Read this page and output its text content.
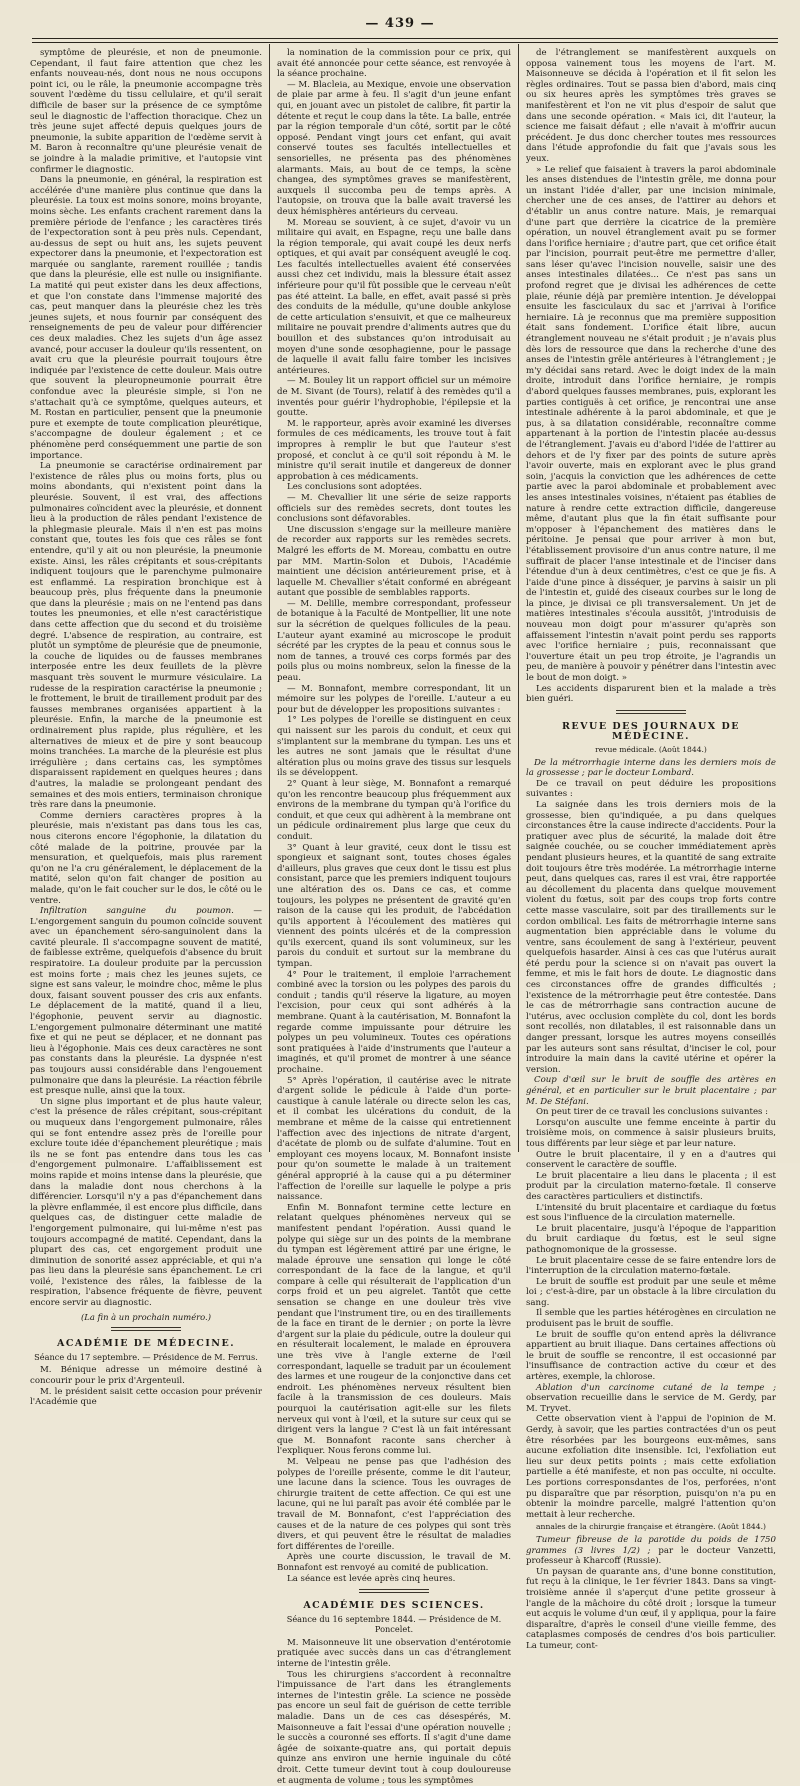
— 439 —

symptôme de pleurésie, et non de pneumonie. Cependant, il faut faire attention que chez les enfants nouveau-nés, dont nous ne nous occupons point ici, ou le râle, la pneumonie accompagne très souvent l'œdème du tissu cellulaire, et qu'il serait difficile de baser sur la présence de ce symptôme seul le diagnostic de l'affection thoracique. Chez un très jeune sujet affecté depuis quelques jours de pneumonie, la subite apparition de l'œdème servit à M. Baron à reconnaître qu'une pleurésie venait de se joindre à la maladie primitive, et l'autopsie vint confirmer le diagnostic.

Dans la pneumonie, en général, la respiration est accélérée d'une manière plus continue que dans la pleurésie. La toux est moins sonore, moins broyante, moins sèche. Les enfants crachent rarement dans la première période de l'enfance ; les caractères tirés de l'expectoration sont à peu près nuls. Cependant, au-dessus de sept ou huit ans, les sujets peuvent expectorer dans la pneumonie, et l'expectoration est marquée ou sanglante, rarement rouillée ; tandis que dans la pleurésie, elle est nulle ou insignifiante. La matité qui peut exister dans les deux affections, et que l'on constate dans l'immense majorité des cas, peut manquer dans la pleurésie chez les très jeunes sujets, et nous fournir par conséquent des renseignements de peu de valeur pour différencier ces deux maladies. Chez les sujets d'un âge assez avancé, pour accuser la douleur qu'ils ressentent, on avait cru que la pleurésie pourrait toujours être indiquée par l'existence de cette douleur. Mais outre que souvent la pleuropneumonie pourrait être confondue avec la pleurésie simple, si l'on ne s'attachait qu'à ce symptôme, quelques auteurs, et M. Rostan en particulier, pensent que la pneumonie pure et exempte de toute complication pleurétique, s'accompagne de douleur également ; et ce phénomène perd conséquemment une partie de son importance.

La pneumonie se caractérise ordinairement par l'existence de râles plus ou moins forts, plus ou moins abondants, qui n'existent point dans la pleurésie. Souvent, il est vrai, des affections pulmonaires coïncident avec la pleurésie, et donnent lieu à la production de râles pendant l'existence de la phlegmasie pleurale. Mais il n'en est pas moins constant que, toutes les fois que ces râles se font entendre, qu'il y ait ou non pleurésie, la pneumonie existe. Ainsi, les râles crépitants et sous-crépitants indiquent toujours que le parenchyme pulmonaire est enflammé. La respiration bronchique est à beaucoup près, plus fréquente dans la pneumonie que dans la pleurésie ; mais on ne l'entend pas dans toutes les pneumonies, et elle n'est caractéristique dans cette affection que du second et du troisième degré. L'absence de respiration, au contraire, est plutôt un symptôme de pleurésie que de pneumonie, la couche de liquides ou de fausses membranes interposée entre les deux feuillets de la plèvre masquant très souvent le murmure vésiculaire. La rudesse de la respiration caractérise la pneumonie ; le frottement, le bruit de tiraillement produit par des fausses membranes organisées appartient à la pleurésie. Enfin, la marche de la pneumonie est ordinairement plus rapide, plus régulière, et les alternatives de mieux et de pire y sont beaucoup moins tranchées. La marche de la pleurésie est plus irrégulière ; dans certains cas, les symptômes disparaissent rapidement en quelques heures ; dans d'autres, la maladie se prolongeant pendant des semaines et des mois entiers, terminaison chronique très rare dans la pneumonie.

Comme derniers caractères propres à la pleurésie, mais n'existant pas dans tous les cas, nous citerons encore l'égophonie, la dilatation du côté malade de la poitrine, prouvée par la mensuration, et quelquefois, mais plus rarement qu'on ne l'a cru généralement, le déplacement de la matité, selon qu'on fait changer de position au malade, qu'on le fait coucher sur le dos, le côté ou le ventre.

Infiltration sanguine du poumon. — L'engorgement sanguin du poumon coïncide souvent avec un épanchement séro-sanguinolent dans la cavité pleurale. Il s'accompagne souvent de matité, de faiblesse extrême, quelquefois d'absence du bruit respiratoire. La douleur produite par la percussion est moins forte ; mais chez les jeunes sujets, ce signe est sans valeur, le moindre choc, même le plus doux, faisant souvent pousser des cris aux enfants. Le déplacement de la matité, quand il a lieu, l'égophonie, peuvent servir au diagnostic. L'engorgement pulmonaire déterminant une matité fixe et qui ne peut se déplacer, et ne donnant pas lieu à l'égophonie. Mais ces deux caractères ne sont pas constants dans la pleurésie. La dyspnée n'est pas toujours aussi considérable dans l'engouement pulmonaire que dans la pleurésie. La réaction fébrile est presque nulle, ainsi que la toux.

Un signe plus important et de plus haute valeur, c'est la présence de râles crépitant, sous-crépitant ou muqueux dans l'engorgement pulmonaire, râles qui se font entendre assez près de l'oreille pour exclure toute idée d'épanchement pleurétique ; mais ils ne se font pas entendre dans tous les cas d'engorgement pulmonaire. L'affaiblissement est moins rapide et moins intense dans la pleurésie, que dans la maladie dont nous cherchons à la différencier. Lorsqu'il n'y a pas d'épanchement dans la plèvre enflammée, il est encore plus difficile, dans quelques cas, de distinguer cette maladie de l'engorgement pulmonaire, qui lui-même n'est pas toujours accompagné de matité. Cependant, dans la plupart des cas, cet engorgement produit une diminution de sonorité assez appréciable, et qui n'a pas lieu dans la pleurésie sans épanchement. Le cri voilé, l'existence des râles, la faiblesse de la respiration, l'absence fréquente de fièvre, peuvent encore servir au diagnostic.

(La fin à un prochain numéro.)

ACADÉMIE DE MÉDECINE.

Séance du 17 septembre. — Présidence de M. Ferrus.

M. Bénique adresse un mémoire destiné à concourir pour le prix d'Argenteuil.

M. le président saisit cette occasion pour prévenir l'Académie que

la nomination de la commission pour ce prix, qui avait été annoncée pour cette séance, est renvoyée à la séance prochaine.

— M. Blacleia, au Mexique, envoie une observation de plaie par arme à feu. Il s'agit d'un jeune enfant qui, en jouant avec un pistolet de calibre, fit partir la détente et reçut le coup dans la tête. La balle, entrée par la région temporale d'un côté, sortit par le côté opposé. Pendant vingt jours cet enfant, qui avait conservé toutes ses facultés intellectuelles et sensorielles, ne présenta pas des phénomènes alarmants. Mais, au bout de ce temps, la scène changea, des symptômes graves se manifestèrent, auxquels il succomba peu de temps après. A l'autopsie, on trouva que la balle avait traversé les deux hémisphères antérieurs du cerveau.

M. Moreau se souvient, à ce sujet, d'avoir vu un militaire qui avait, en Espagne, reçu une balle dans la région temporale, qui avait coupé les deux nerfs optiques, et qui avait par conséquent aveuglé le coq. Les facultés intellectuelles avaient été conservées aussi chez cet individu, mais la blessure était assez inférieure pour qu'il fût possible que le cerveau n'eût pas été atteint. La balle, en effet, avait passé si près des conduits de la médulle, qu'une double ankylose de cette articulation s'ensuivit, et que ce malheureux militaire ne pouvait prendre d'aliments autres que du bouillon et des substances qu'on introduisait au moyen d'une sonde œsophagienne, pour le passage de laquelle il avait fallu faire tomber les incisives antérieures.

— M. Bouley lit un rapport officiel sur un mémoire de M. Sivant (de Tours), relatif à des remèdes qu'il a inventés pour guérir l'hydrophobie, l'épilepsie et la goutte.

M. le rapporteur, après avoir examiné les diverses formules de ces médicaments, les trouve tout à fait impropres à remplir le but que l'auteur s'est proposé, et conclut à ce qu'il soit répondu à M. le ministre qu'il serait inutile et dangereux de donner approbation à ces médicaments.

Les conclusions sont adoptées.

— M. Chevallier lit une série de seize rapports officiels sur des remèdes secrets, dont toutes les conclusions sont défavorables.

Une discussion s'engage sur la meilleure manière de recorder aux rapports sur les remèdes secrets. Malgré les efforts de M. Moreau, combattu en outre par MM. Martin-Solon et Dubois, l'Académie maintient une décision antérieurement prise, et à laquelle M. Chevallier s'était conformé en abrégeant autant que possible de semblables rapports.

— M. Delille, membre correspondant, professeur de botanique à la Faculté de Montpellier, lit une note sur la sécrétion de quelques follicules de la peau. L'auteur ayant examiné au microscope le produit sécrété par les cryptes de la peau et connus sous le nom de tannes, a trouvé ces corps formés par des poils plus ou moins nombreux, selon la finesse de la peau.

— M. Bonnafont, membre correspondant, lit un mémoire sur les polypes de l'oreille. L'auteur a eu pour but de développer les propositions suivantes :

1° Les polypes de l'oreille se distinguent en ceux qui naissent sur les parois du conduit, et ceux qui s'implantent sur la membrane du tympan. Les uns et les autres ne sont jamais que le résultat d'une altération plus ou moins grave des tissus sur lesquels ils se développent.

2° Quant à leur siège, M. Bonnafont a remarqué qu'on les rencontre beaucoup plus fréquemment aux environs de la membrane du tympan qu'à l'orifice du conduit, et que ceux qui adhèrent à la membrane ont un pédicule ordinairement plus large que ceux du conduit.

3° Quant à leur gravité, ceux dont le tissu est spongieux et saignant sont, toutes choses égales d'ailleurs, plus graves que ceux dont le tissu est plus consistant, parce que les premiers indiquent toujours une altération des os. Dans ce cas, et comme toujours, les polypes ne présentent de gravité qu'en raison de la cause qui les produit, de l'abcédation qu'ils apportent à l'écoulement des matières qui viennent des points ulcérés et de la compression qu'ils exercent, quand ils sont volumineux, sur les parois du conduit et surtout sur la membrane du tympan.

4° Pour le traitement, il emploie l'arrachement combiné avec la torsion ou les polypes des parois du conduit ; tandis qu'il réserve la ligature, au moyen l'excision, pour ceux qui sont adhérés à la membrane. Quant à la cautérisation, M. Bonnafont la regarde comme impuissante pour détruire les polypes un peu volumineux. Toutes ces opérations sont pratiquées à l'aide d'instruments que l'auteur a imaginés, et qu'il promet de montrer à une séance prochaine.

5° Après l'opération, il cautérise avec le nitrate d'argent solide le pédicule à l'aide d'un porte-caustique à canule latérale ou directe selon les cas, et il combat les ulcérations du conduit, de la membrane et même de la caisse qui entretiennent l'affection avec des injections de nitrate d'argent, d'acétate de plomb ou de sulfate d'alumine. Tout en employant ces moyens locaux, M. Bonnafont insiste pour qu'on soumette le malade à un traitement général approprié à la cause qui a pu déterminer l'affection de l'oreille sur laquelle le polype a pris naissance.

Enfin M. Bonnafont termine cette lecture en relatant quelques phénomènes nerveux qui se manifestent pendant l'opération. Aussi quand le polype qui siège sur un des points de la membrane du tympan est légèrement attiré par une érigne, le malade éprouve une sensation qui longe le côté correspondant de la face de la langue, et qu'il compare à celle qui résulterait de l'application d'un corps froid et un peu aigrelet. Tantôt que cette sensation se change en une douleur très vive pendant que l'instrument tire, ou en des tiraillements de la face en tirant de le dernier ; on porte la lèvre d'argent sur la plaie du pédicule, outre la douleur qui en résulterait localement, le malade en éprouvera une très vive à l'angle externe de l'œil correspondant, laquelle se traduit par un écoulement des larmes et une rougeur de la conjonctive dans cet endroit. Les phénomènes nerveux résultent bien facile à la transmission de ces douleurs. Mais pourquoi la cautérisation agit-elle sur les filets nerveux qui vont à l'œil, et la suture sur ceux qui se dirigent vers la langue ? C'est là un fait intéressant que M. Bonnafont raconte sans chercher à l'expliquer. Nous ferons comme lui.

M. Velpeau ne pense pas que l'adhésion des polypes de l'oreille présente, comme le dit l'auteur, une lacune dans la science. Tous les ouvrages de chirurgie traitent de cette affection. Ce qui est une lacune, qui ne lui paraît pas avoir été comblée par le travail de M. Bonnafont, c'est l'appréciation des causes et de la nature de ces polypes qui sont très divers, et qui peuvent être le résultat de maladies fort différentes de l'oreille.

Après une courte discussion, le travail de M. Bonnafont est renvoyé au comité de publication.

La séance est levée après cinq heures.

ACADÉMIE DES SCIENCES.

Séance du 16 septembre 1844. — Présidence de M. Poncelet.

M. Maisonneuve lit une observation d'entérotomie pratiquée avec succès dans un cas d'étranglement interne de l'intestin grêle.

Tous les chirurgiens s'accordent à reconnaître l'impuissance de l'art dans les étranglements internes de l'intestin grêle. La science ne possède pas encore un seul fait de guérison de cette terrible maladie. Dans un de ces cas désespérés, M. Maisonneuve a fait l'essai d'une opération nouvelle ; le succès a couronné ses efforts. Il s'agit d'une dame âgée de soixante-quatre ans, qui portait depuis quinze ans environ une hernie inguinale du côté droit. Cette tumeur devint tout à coup douloureuse et augmenta de volume ; tous les symptômes

de l'étranglement se manifestèrent auxquels on opposa vainement tous les moyens de l'art. M. Maisonneuve se décida à l'opération et il fit selon les règles ordinaires. Tout se passa bien d'abord, mais cinq ou six heures après les symptômes très graves se manifestèrent et l'on ne vit plus d'espoir de salut que dans une seconde opération. « Mais ici, dit l'auteur, la science me faisait défaut ; elle n'avait à m'offrir aucun précédent. Je dus donc chercher toutes mes ressources dans l'étude approfondie du fait que j'avais sous les yeux.

» Le relief que faisaient à travers la paroi abdominale les anses distendues de l'intestin grêle, me donna pour un instant l'idée d'aller, par une incision minimale, chercher une de ces anses, de l'attirer au dehors et d'établir un anus contre nature. Mais, je remarquai d'une part que derrière la cicatrice de la première opération, un nouvel étranglement avait pu se former dans l'orifice herniaire ; d'autre part, que cet orifice était par l'incision, pourrait peut-être me permettre d'aller, sans léser qu'avec l'incision nouvelle, saisir une des anses intestinales dilatées... Ce n'est pas sans un profond regret que je divisai les adhérences de cette plaie, réunie déjà par première intention. Je développai ensuite les fasciculaux du sac et j'arrivai à l'orifice herniaire. Là je reconnus que ma première supposition était sans fondement. L'orifice était libre, aucun étranglement nouveau ne s'était produit ; je n'avais plus dès lors de ressource que dans la recherche d'une des anses de l'intestin grêle antérieures à l'étranglement ; je m'y décidai sans retard. Avec le doigt index de la main droite, introduit dans l'orifice herniaire, je rompis d'abord quelques fausses membranes, puis, explorant les parties contiguës à cet orifice, je rencontrai une anse intestinale adhérente à la paroi abdominale, et que je pus, à sa dilatation considérable, reconnaître comme appartenant à la portion de l'intestin placée au-dessus de l'étranglement. J'avais eu d'abord l'idée de l'attirer au dehors et de l'y fixer par des points de suture après l'avoir ouverte, mais en explorant avec le plus grand soin, j'acquis la conviction que les adhérences de cette partie avec la paroi abdominale et probablement avec les anses intestinales voisines, n'étaient pas établies de nature à rendre cette extraction difficile, dangereuse même, d'autant plus que la fin était suffisante pour m'opposer à l'épanchement des matières dans le péritoine. Je pensai que pour arriver à mon but, l'établissement provisoire d'un anus contre nature, il me suffirait de placer l'anse intestinale et de l'inciser dans l'étendue d'un à deux centimètres, c'est ce que je fis. A l'aide d'une pince à disséquer, je parvins à saisir un pli de l'intestin et, guidé des ciseaux courbes sur le long de la pince, je divisai ce pli transversalement. Un jet de matières intestinales s'écoula aussitôt, j'introduisis de nouveau mon doigt pour m'assurer qu'après son affaissement l'intestin n'avait point perdu ses rapports avec l'orifice herniaire ; puis, reconnaissant que l'ouverture était un peu trop étroite, je l'agrandis un peu, de manière à pouvoir y pénétrer dans l'intestin avec le bout de mon doigt. »

Les accidents disparurent bien et la malade a très bien guéri.

REVUE DES JOURNAUX DE MÉDECINE.

revue médicale. (Août 1844.)

De la métrorrhagie interne dans les derniers mois de la grossesse ; par le docteur Lombard.

De ce travail on peut déduire les propositions suivantes :

La saignée dans les trois derniers mois de la grossesse, bien qu'indiquée, a pu dans quelques circonstances être la cause indirecte d'accidents. Pour la pratiquer avec plus de sécurité, la malade doit être saignée couchée, ou se coucher immédiatement après pendant plusieurs heures, et la quantité de sang extraite doit toujours être très modérée. La métrorrhagie interne peut, dans quelques cas, rares il est vrai, être rapportée au décollement du placenta dans quelque mouvement violent du fœtus, soit par des coups trop forts contre cette masse vasculaire, soit par des tiraillements sur le cordon ombilical. Les faits de métrorrhagie interne sans augmentation bien appréciable dans le volume du ventre, sans écoulement de sang à l'extérieur, peuvent quelquefois hasarder. Ainsi à ces cas que l'utérus aurait été perdu pour la science si on n'avait pas ouvert la femme, et mis le fait hors de doute. Le diagnostic dans ces circonstances offre de grandes difficultés ; l'existence de la métrorrhagie peut être contestée. Dans le cas de métrorrhagie sans contraction aucune de l'utérus, avec occlusion complète du col, dont les bords sont recollés, non dilatables, il est raisonnable dans un danger pressant, lorsque les autres moyens conseillés par les auteurs sont sans résultat, d'inciser le col, pour introduire la main dans la cavité utérine et opérer la version.

Coup d'œil sur le bruit de souffle des artères en général, et en particulier sur le bruit placentaire ; par M. De Stéfani.

On peut tirer de ce travail les conclusions suivantes :

Lorsqu'on ausculte une femme enceinte à partir du troisième mois, on commence à saisir plusieurs bruits, tous différents par leur siège et par leur nature.

Outre le bruit placentaire, il y en a d'autres qui conservent le caractère de souffle.

Le bruit placentaire a lieu dans le placenta ; il est produit par la circulation materno-fœtale. Il conserve des caractères particuliers et distinctifs.

L'intensité du bruit placentaire et cardiaque du fœtus est sous l'influence de la circulation maternelle.

Le bruit placentaire, jusqu'à l'époque de l'apparition du bruit cardiaque du fœtus, est le seul signe pathognomonique de la grossesse.

Le bruit placentaire cesse de se faire entendre lors de l'interruption de la circulation materno-fœtale.

Le bruit de souffle est produit par une seule et même loi ; c'est-à-dire, par un obstacle à la libre circulation du sang.

Il semble que les parties hétérogènes en circulation ne produisent pas le bruit de souffle.

Le bruit de souffle qu'on entend après la délivrance appartient au bruit iliaque. Dans certaines affections où le bruit de souffle se rencontre, il est occasionné par l'insuffisance de contraction active du cœur et des artères, exemple, la chlorose.

Ablation d'un carcinome cutané de la tempe ; observation recueillie dans le service de M. Gerdy, par M. Tryvet.

Cette observation vient à l'appui de l'opinion de M. Gerdy, à savoir, que les parties contractées d'un os peut être résorbées par les bourgeons eux-mêmes, sans aucune exfoliation dite insensible. Ici, l'exfoliation eut lieu sur deux petits points ; mais cette exfoliation partielle a été manifeste, et non pas occulte, ni occulte. Les portions corresponsdantes de l'os, perforées, n'ont pu disparaître que par résorption, puisqu'on n'a pu en obtenir la moindre parcelle, malgré l'attention qu'on mettait à leur recherche.

annales de la chirurgie française et étrangère. (Août 1844.)

Tumeur fibreuse de la parotide du poids de 1750 grammes (3 livres 1/2) ; par le docteur Vanzetti, professeur à Kharcoff (Russie).

Un paysan de quarante ans, d'une bonne constitution, fut reçu à la clinique, le 1er février 1843. Dans sa vingt-troisième année il s'aperçut d'une petite grosseur à l'angle de la mâchoire du côté droit ; lorsque la tumeur eut acquis le volume d'un œuf, il y appliqua, pour la faire disparaître, d'après le conseil d'une vieille femme, des cataplasmes composés de cendres d'os bois particulier. La tumeur, cont-
